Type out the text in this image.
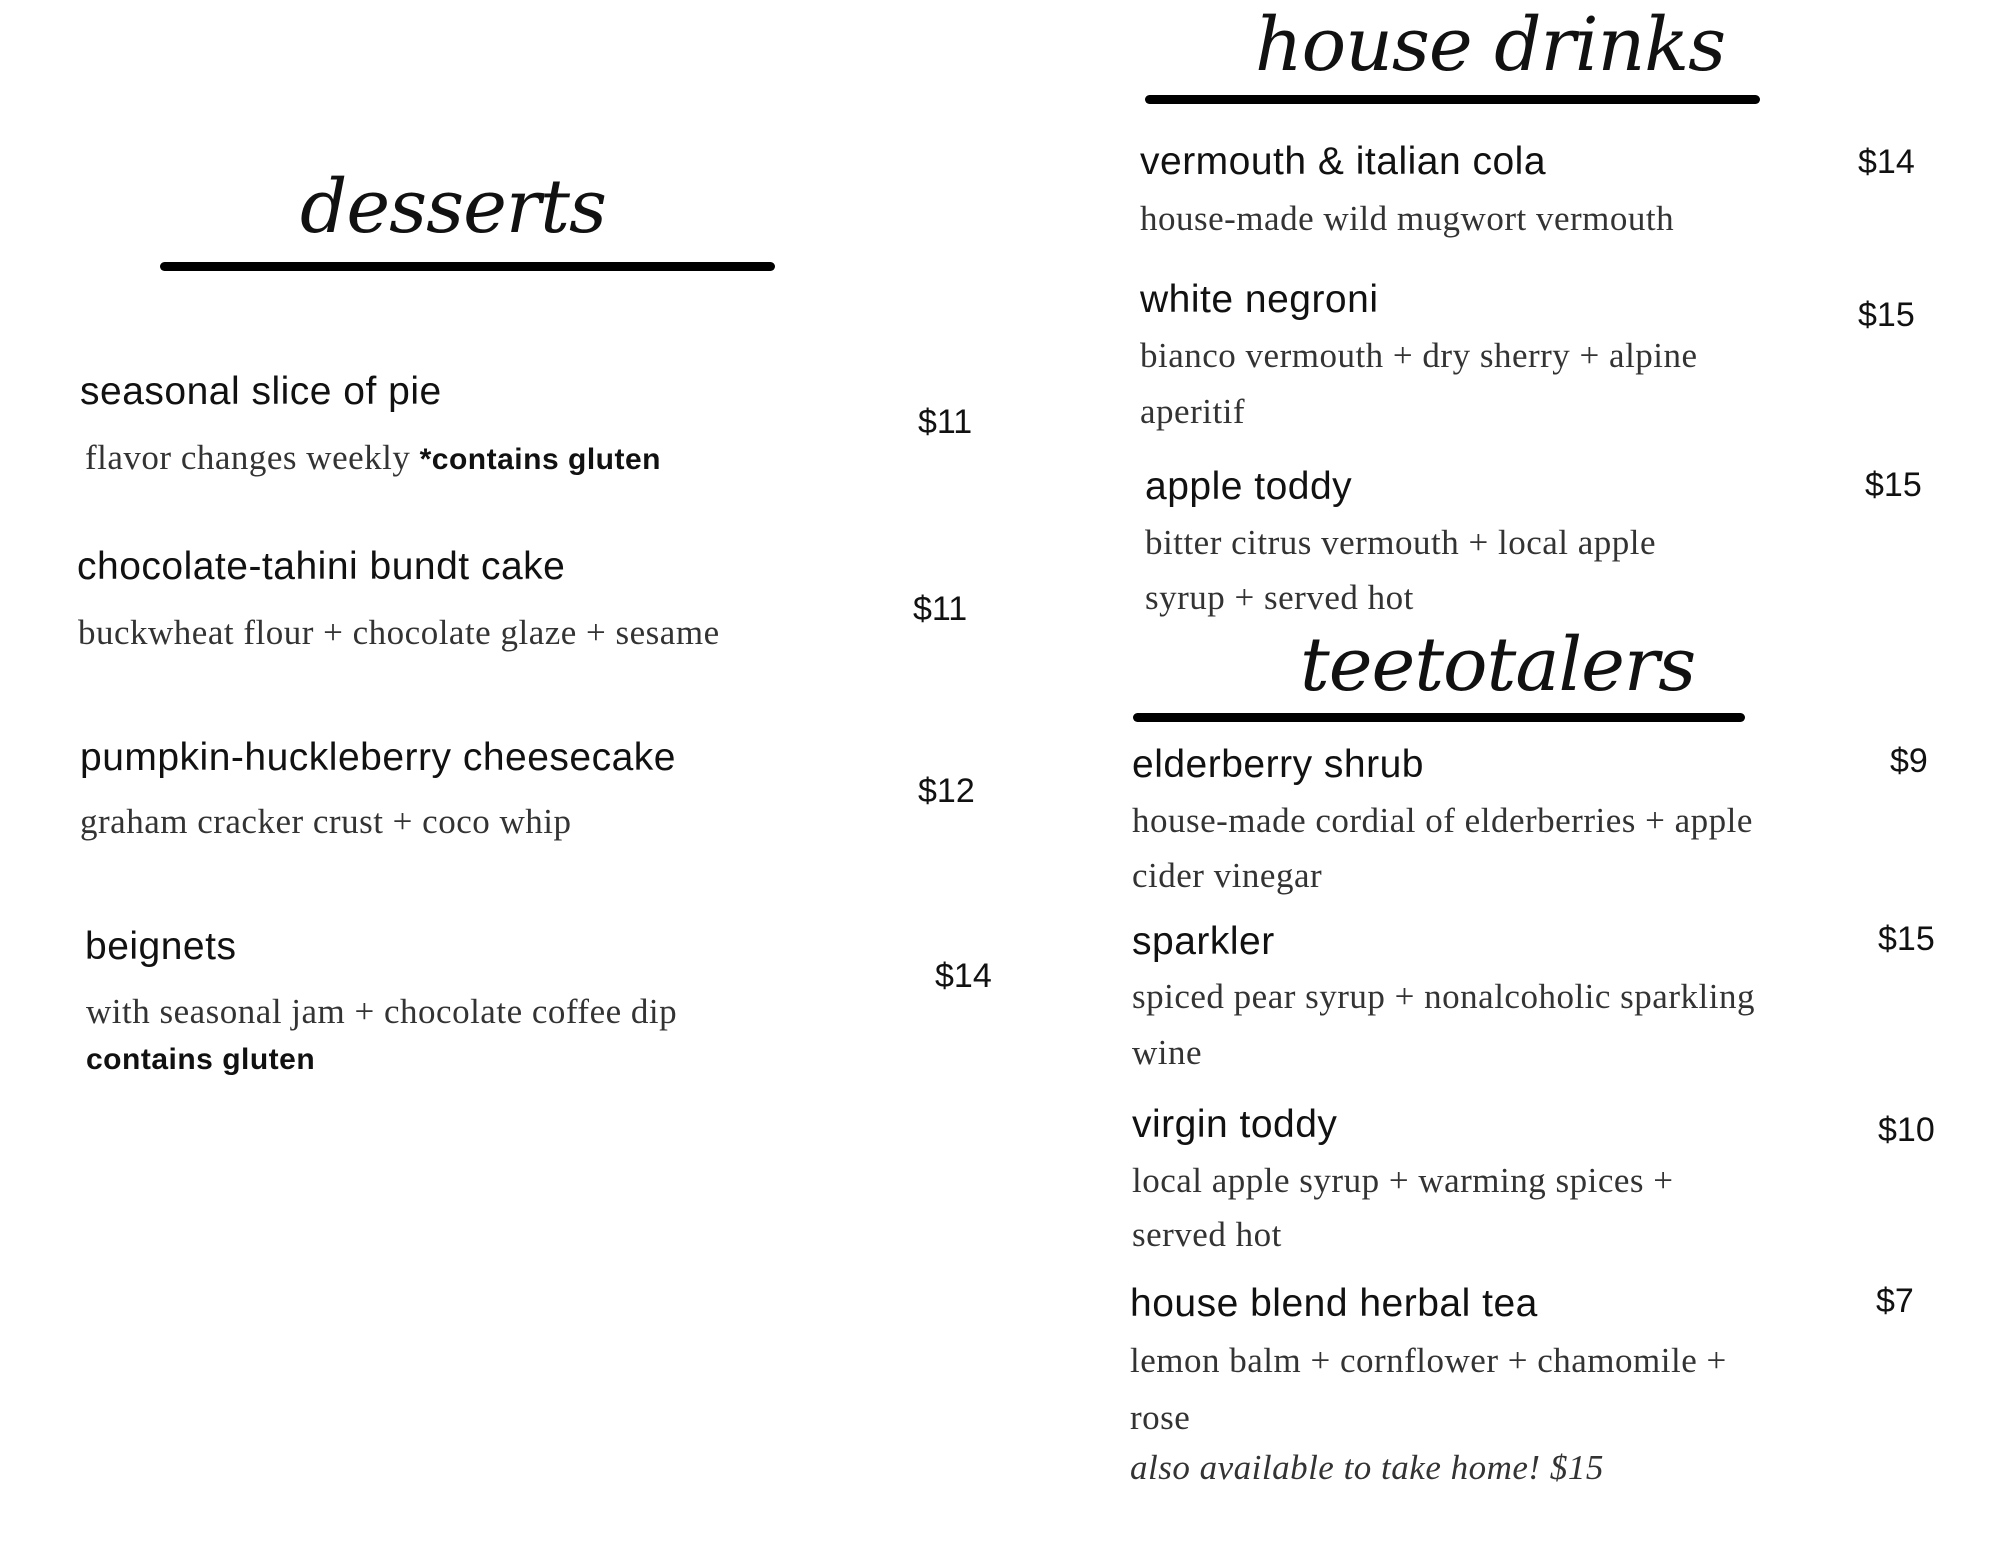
desserts
seasonal slice of pie
$11
flavor changes weekly *contains gluten
chocolate-tahini bundt cake
$11
buckwheat flour + chocolate glaze + sesame
pumpkin-huckleberry cheesecake
$12
graham cracker crust + coco whip
beignets
$14
with seasonal jam + chocolate coffee dip
contains gluten
house drinks
vermouth & italian cola	$14
house-made wild mugwort vermouth
white negroni	$15
bianco vermouth + dry sherry + alpine
aperitif
apple toddy	$15
bitter citrus vermouth + local apple
syrup + served hot
teetotalers
elderberry shrub	$9
house-made cordial of elderberries + apple
cider vinegar
sparkler	$15
spiced pear syrup + nonalcoholic sparkling
wine
virgin toddy	$10
local apple syrup + warming spices +
served hot
house blend herbal tea	$7
lemon balm + cornflower + chamomile +
rose
also available to take home! $15
